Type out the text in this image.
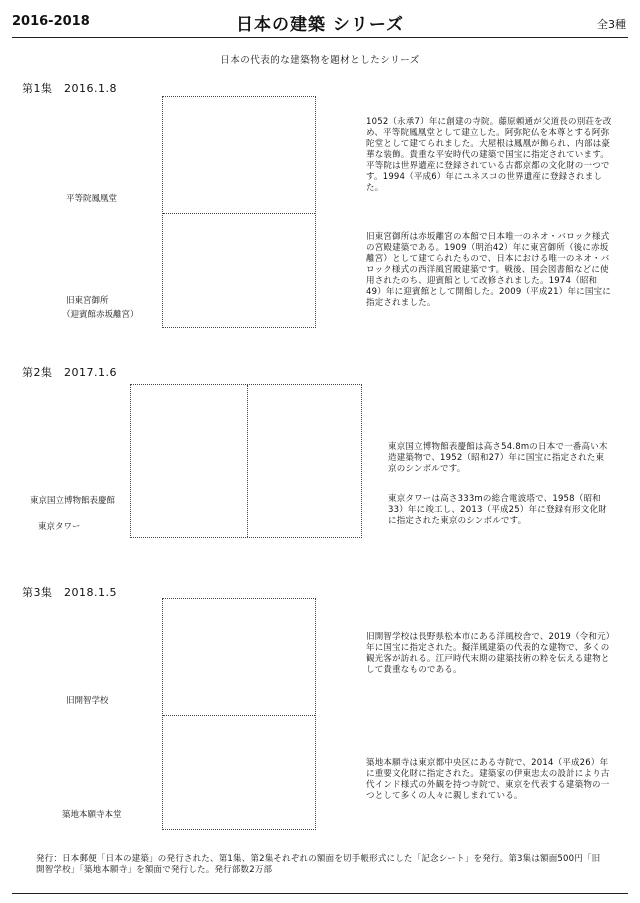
2016-2018	日本の建築 シリーズ	全3種
日本の代表的な建築物を題材としたシリーズ
第1集　2016.1.8
平等院鳳凰堂
旧東宮御所
（迎賓館赤坂離宮）
1052（永承7）年に創建の寺院。藤原頼通が父道長の別荘を改め、平等院鳳凰堂として建立した。阿弥陀仏を本尊とする阿弥陀堂として建てられました。大屋根は鳳凰が飾られ、内部は豪華な装飾。貴重な平安時代の建築で国宝に指定されています。平等院は世界遺産に登録されている古都京都の文化財の一つです。1994（平成6）年にユネスコの世界遺産に登録されました。
旧東宮御所は赤坂離宮の本館で日本唯一のネオ・バロック様式の宮殿建築である。1909（明治42）年に東宮御所（後に赤坂離宮）として建てられたもので、日本における唯一のネオ・バロック様式の西洋風宮殿建築です。戦後、国会図書館などに使用されたのち、迎賓館として改修されました。1974（昭和49）年に迎賓館として開館した。2009（平成21）年に国宝に指定されました。
第2集　2017.1.6
東京国立博物館表慶館
東京タワー
東京国立博物館表慶館は高さ54.8mの日本で一番高い木造建築物で、1952（昭和27）年に国宝に指定された東京のシンボルです。
東京タワーは高さ333mの総合電波塔で、1958（昭和33）年に竣工し、2013（平成25）年に登録有形文化財に指定された東京のシンボルです。
第3集　2018.1.5
旧開智学校
築地本願寺本堂
旧開智学校は長野県松本市にある洋風校舎で、2019（令和元）年に国宝に指定された。擬洋風建築の代表的な建物で、多くの観光客が訪れる。江戸時代末期の建築技術の粋を伝える建物として貴重なものである。
築地本願寺は東京都中央区にある寺院で、2014（平成26）年に重要文化財に指定された。建築家の伊東忠太の設計により古代インド様式の外観を持つ寺院で、東京を代表する建築物の一つとして多くの人々に親しまれている。
発行：日本郵便「日本の建築」の発行された、第1集、第2集それぞれの額面を切手帳形式にした「記念シート」を発行。第3集は額面500円「旧開智学校」「築地本願寺」を額面で発行した。発行部数2万部
